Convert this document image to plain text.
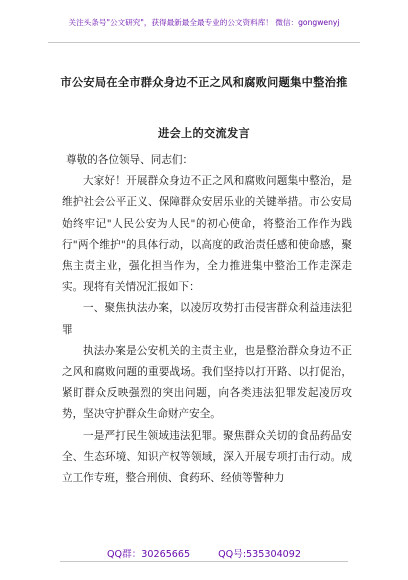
关注头条号"公文研究"，获得最新最全最专业的公文资料库！ 微信：gongwenyj
市公安局在全市群众身边不正之风和腐败问题集中整治推
进会上的交流发言

尊敬的各位领导、同志们：

大家好！开展群众身边不正之风和腐败问题集中整治，是维护社会公平正义、保障群众安居乐业的关键举措。市公安局始终牢记"人民公安为人民"的初心使命，将整治工作作为践行"两个维护"的具体行动，以高度的政治责任感和使命感，聚焦主责主业，强化担当作为，全力推进集中整治工作走深走实。现将有关情况汇报如下：

一、聚焦执法办案，以凌厉攻势打击侵害群众利益违法犯罪

执法办案是公安机关的主责主业，也是整治群众身边不正之风和腐败问题的重要战场。我们坚持以打开路、以打促治，紧盯群众反映强烈的突出问题，向各类违法犯罪发起凌厉攻势，坚决守护群众生命财产安全。

一是严打民生领域违法犯罪。聚焦群众关切的食品药品安全、生态环境、知识产权等领域，深入开展专项打击行动。成立工作专班，整合刑侦、食药环、经侦等警种力

QQ群：30265665	QQ号:535304092
